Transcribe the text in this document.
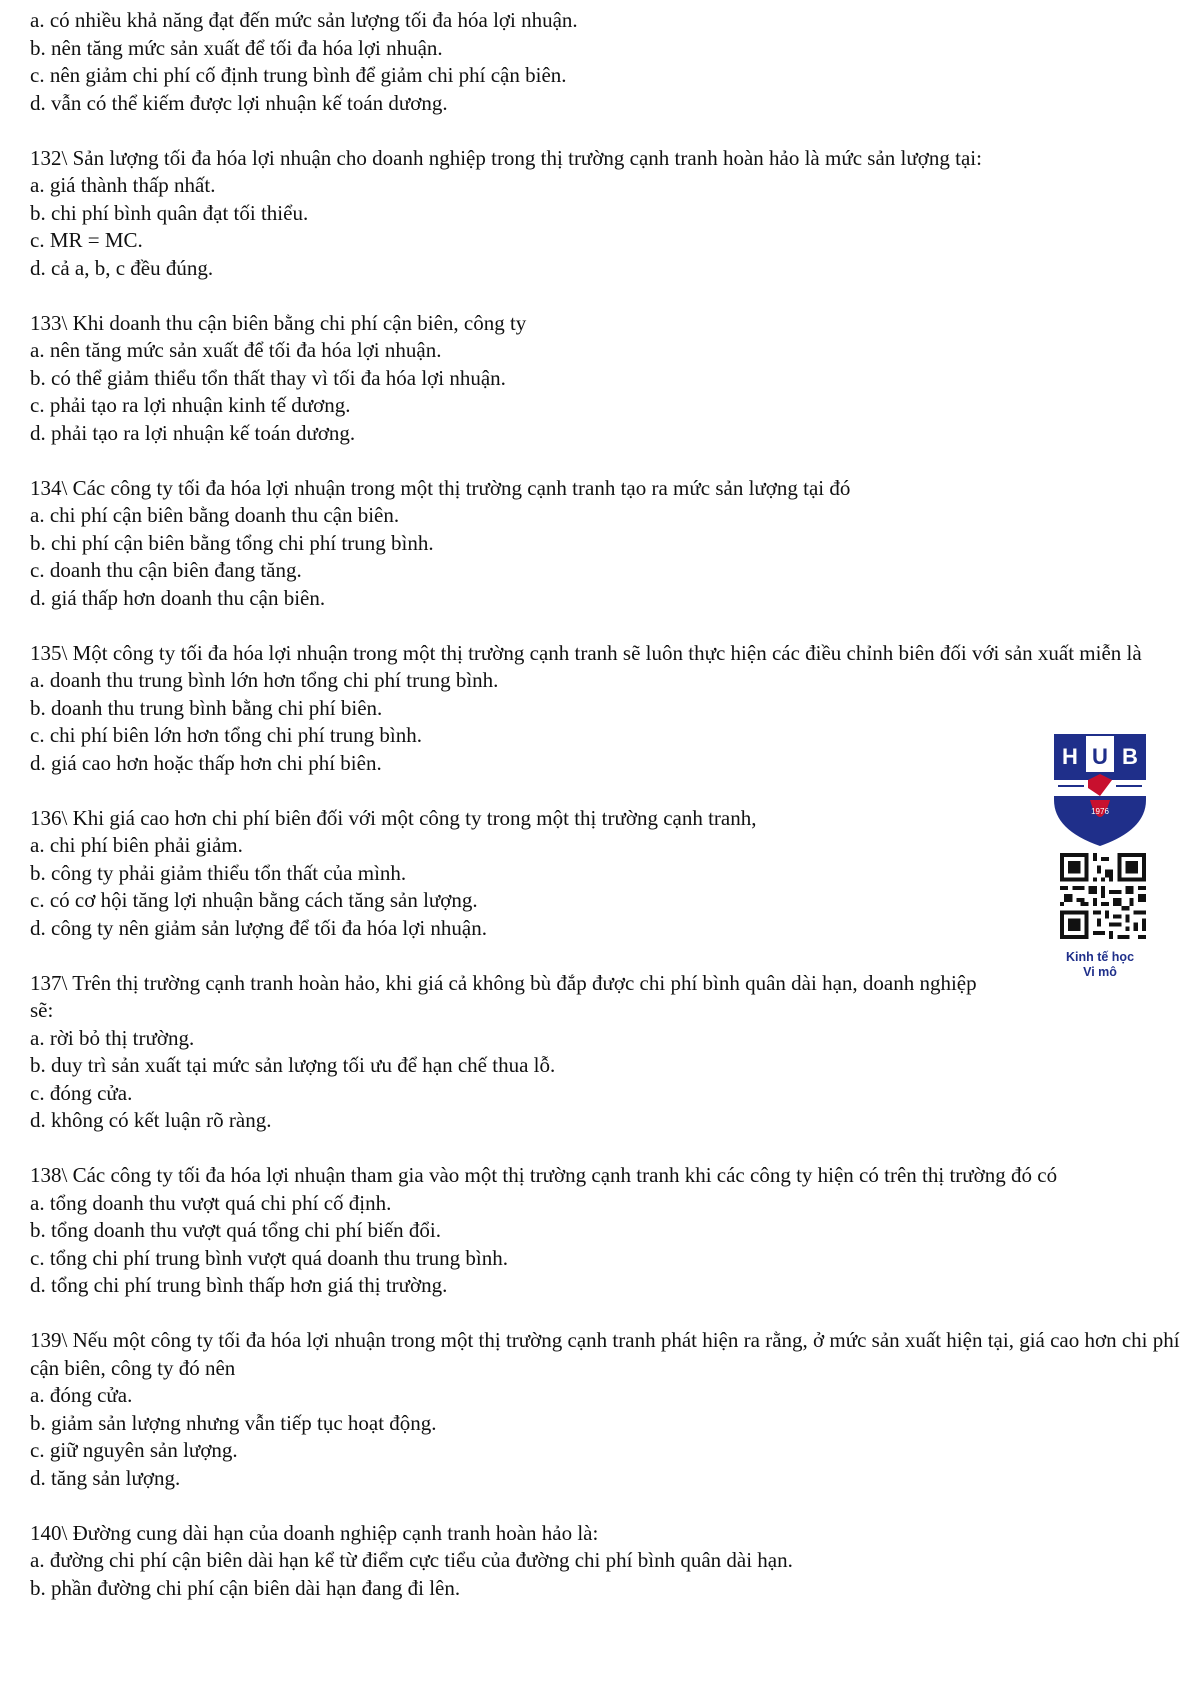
a. có nhiều khả năng đạt đến mức sản lượng tối đa hóa lợi nhuận.

b. nên tăng mức sản xuất để tối đa hóa lợi nhuận.

c. nên giảm chi phí cố định trung bình để giảm chi phí cận biên.

d. vẫn có thể kiếm được lợi nhuận kế toán dương.

132\ Sản lượng tối đa hóa lợi nhuận cho doanh nghiệp trong thị trường cạnh tranh hoàn hảo là mức sản lượng tại:

a. giá thành thấp nhất.

b. chi phí bình quân đạt tối thiểu.

c. MR = MC.

d. cả a, b, c đều đúng.

133\ Khi doanh thu cận biên bằng chi phí cận biên, công ty

a. nên tăng mức sản xuất để tối đa hóa lợi nhuận.

b. có thể giảm thiểu tổn thất thay vì tối đa hóa lợi nhuận.

c. phải tạo ra lợi nhuận kinh tế dương.

d. phải tạo ra lợi nhuận kế toán dương.

134\ Các công ty tối đa hóa lợi nhuận trong một thị trường cạnh tranh tạo ra mức sản lượng tại đó

a. chi phí cận biên bằng doanh thu cận biên.

b. chi phí cận biên bằng tổng chi phí trung bình.

c. doanh thu cận biên đang tăng.

d. giá thấp hơn doanh thu cận biên.

135\ Một công ty tối đa hóa lợi nhuận trong một thị trường cạnh tranh sẽ luôn thực hiện các điều chỉnh biên đối với sản xuất miễn là

a. doanh thu trung bình lớn hơn tổng chi phí trung bình.

b. doanh thu trung bình bằng chi phí biên.

c. chi phí biên lớn hơn tổng chi phí trung bình.

d. giá cao hơn hoặc thấp hơn chi phí biên.

136\ Khi giá cao hơn chi phí biên đối với một công ty trong một thị trường cạnh tranh,

a. chi phí biên phải giảm.

b. công ty phải giảm thiểu tổn thất của mình.

c. có cơ hội tăng lợi nhuận bằng cách tăng sản lượng.

d. công ty nên giảm sản lượng để tối đa hóa lợi nhuận.

137\ Trên thị trường cạnh tranh hoàn hảo, khi giá cả không bù đắp được chi phí bình quân dài hạn, doanh nghiệp sẽ:

a. rời bỏ thị trường.

b. duy trì sản xuất tại mức sản lượng tối ưu để hạn chế thua lỗ.

c. đóng cửa.

d. không có kết luận rõ ràng.

138\ Các công ty tối đa hóa lợi nhuận tham gia vào một thị trường cạnh tranh khi các công ty hiện có trên thị trường đó có

a. tổng doanh thu vượt quá chi phí cố định.

b. tổng doanh thu vượt quá tổng chi phí biến đổi.

c. tổng chi phí trung bình vượt quá doanh thu trung bình.

d. tổng chi phí trung bình thấp hơn giá thị trường.

139\ Nếu một công ty tối đa hóa lợi nhuận trong một thị trường cạnh tranh phát hiện ra rằng, ở mức sản xuất hiện tại, giá cao hơn chi phí cận biên, công ty đó nên

a. đóng cửa.

b. giảm sản lượng nhưng vẫn tiếp tục hoạt động.

c. giữ nguyên sản lượng.

d. tăng sản lượng.

140\ Đường cung dài hạn của doanh nghiệp cạnh tranh hoàn hảo là:

a. đường chi phí cận biên dài hạn kể từ điểm cực tiểu của đường chi phí bình quân dài hạn.

b. phần đường chi phí cận biên dài hạn đang đi lên.

H U B
1976
Kinh tế học
Vi mô
